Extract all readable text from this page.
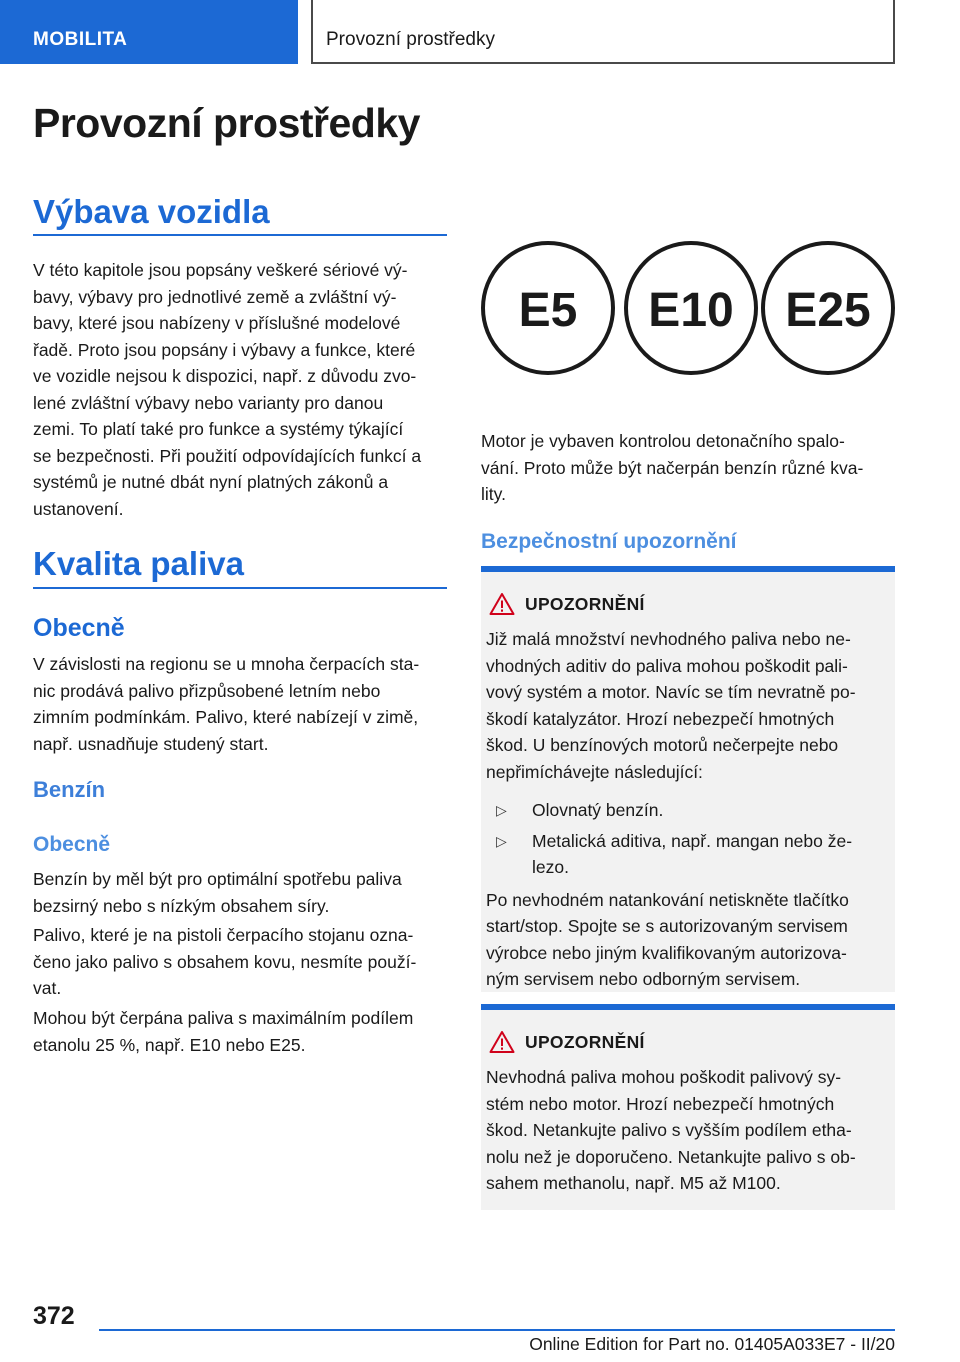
MOBILITA	Provozní prostředky
Provozní prostředky
Výbava vozidla

V této kapitole jsou popsány veškeré sériové vý-

bavy, výbavy pro jednotlivé země a zvláštní vý-

bavy, které jsou nabízeny v příslušné modelové

řadě. Proto jsou popsány i výbavy a funkce, které

ve vozidle nejsou k dispozici, např. z důvodu zvo-

lené zvláštní výbavy nebo varianty pro danou

zemi. To platí také pro funkce a systémy týkající

se bezpečnosti. Při použití odpovídajících funkcí a

systémů je nutné dbát nyní platných zákonů a

ustanovení.

Kvalita paliva
Obecně

V závislosti na regionu se u mnoha čerpacích sta-

nic prodává palivo přizpůsobené letním nebo

zimním podmínkám. Palivo, které nabízejí v zimě,

např. usnadňuje studený start.

Benzín
Obecně

Benzín by měl být pro optimální spotřebu paliva

bezsirný nebo s nízkým obsahem síry.

Palivo, které je na pistoli čerpacího stojanu ozna-

čeno jako palivo s obsahem kovu, nesmíte použí-

vat.

Mohou být čerpána paliva s maximálním podílem

etanolu 25 %, např. E10 nebo E25.

E5 E10 E25

Motor je vybaven kontrolou detonačního spalo-

vání. Proto může být načerpán benzín různé kva-

lity.

Bezpečnostní upozornění
UPOZORNĚNÍ

Již malá množství nevhodného paliva nebo ne-

vhodných aditiv do paliva mohou poškodit pali-

vový systém a motor. Navíc se tím nevratně po-

škodí katalyzátor. Hrozí nebezpečí hmotných

škod. U benzínových motorů nečerpejte nebo

nepřimíchávejte následující:

▷	Olovnatý benzín.
▷	Metalická aditiva, např. mangan nebo že-
lezo.

Po nevhodném natankování netiskněte tlačítko

start/stop. Spojte se s autorizovaným servisem

výrobce nebo jiným kvalifikovaným autorizova-

ným servisem nebo odborným servisem.

UPOZORNĚNÍ

Nevhodná paliva mohou poškodit palivový sy-

stém nebo motor. Hrozí nebezpečí hmotných

škod. Netankujte palivo s vyšším podílem etha-

nolu než je doporučeno. Netankujte palivo s ob-

sahem methanolu, např. M5 až M100.

372
Online Edition for Part no. 01405A033E7 - II/20
